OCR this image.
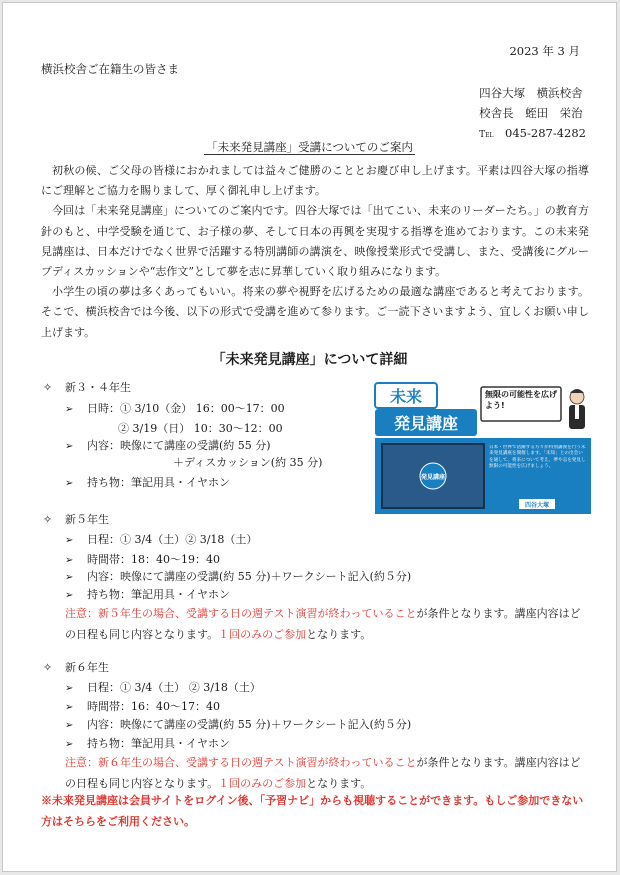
2023 年 3 月
横浜校舎ご在籍生の皆さま
四谷大塚　横浜校舎
校舎長　蛭田　栄治
Tel　 045-287-4282
「未来発見講座」受講についてのご案内

初秋の候、ご父母の皆様におかれましては益々ご健勝のこととお慶び申し上げます。平素は四谷大塚の指導にご理解とご協力を賜りまして、厚く御礼申し上げます。

今回は「未来発見講座」についてのご案内です。四谷大塚では「出てこい、未来のリーダーたち。」の教育方針のもと、中学受験を通じて、お子様の夢、そして日本の再興を実現する指導を進めております。この未来発見講座は、日本だけでなく世界で活躍する特別講師の講演を、映像授業形式で受講し、また、受講後にグループディスカッションや“志作文”として夢を志に昇華していく取り組みになります。

小学生の頃の夢は多くあってもいい。将来の夢や視野を広げるための最適な講座であると考えております。そこで、横浜校舎では今後、以下の形式で受講を進めて参ります。ご一読下さいますよう、宜しくお願い申し上げます。

「未来発見講座」について詳細
✧ 新３・４年生
➢ 日時：① 3/10（金） 16：00～17：00
② 3/19（日） 10：30～12：00
➢ 内容：映像にて講座の受講(約 55 分)
＋ディスカッション(約 35 分)
➢ 持ち物：筆記用具・イヤホン
✧ 新５年生
➢ 日程：① 3/4（土）② 3/18（土）
➢ 時間帯：18：40～19：40
➢ 内容：映像にて講座の受講(約 55 分)＋ワークシート記入(約５分)
➢ 持ち物：筆記用具・イヤホン
注意：新５年生の場合、受講する日の週テスト演習が終わっていることが条件となります。講座内容はどの日程も同じ内容となります。１回のみのご参加となります。
✧ 新６年生
➢ 日程：① 3/4（土） ② 3/18（土）
➢ 時間帯：16：40～17：40
➢ 内容：映像にて講座の受講(約 55 分)＋ワークシート記入(約５分)
➢ 持ち物：筆記用具・イヤホン
注意：新６年生の場合、受講する日の週テスト演習が終わっていることが条件となります。講座内容はどの日程も同じ内容となります。１回のみのご参加となります。
※未来発見講座は会員サイトをログイン後、「予習ナビ」からも視聴することができます。もしご参加できない方はそちらをご利用ください。
未来
発見講座
無限の可能性を広げよう!
発見講座
日本・世界で活躍する方々が特別講義を行う未来発見講座を開催します。「未知」との出会いを通して、将来について考え、夢や志を発見し無限の可能性を広げましょう。
四谷大塚
